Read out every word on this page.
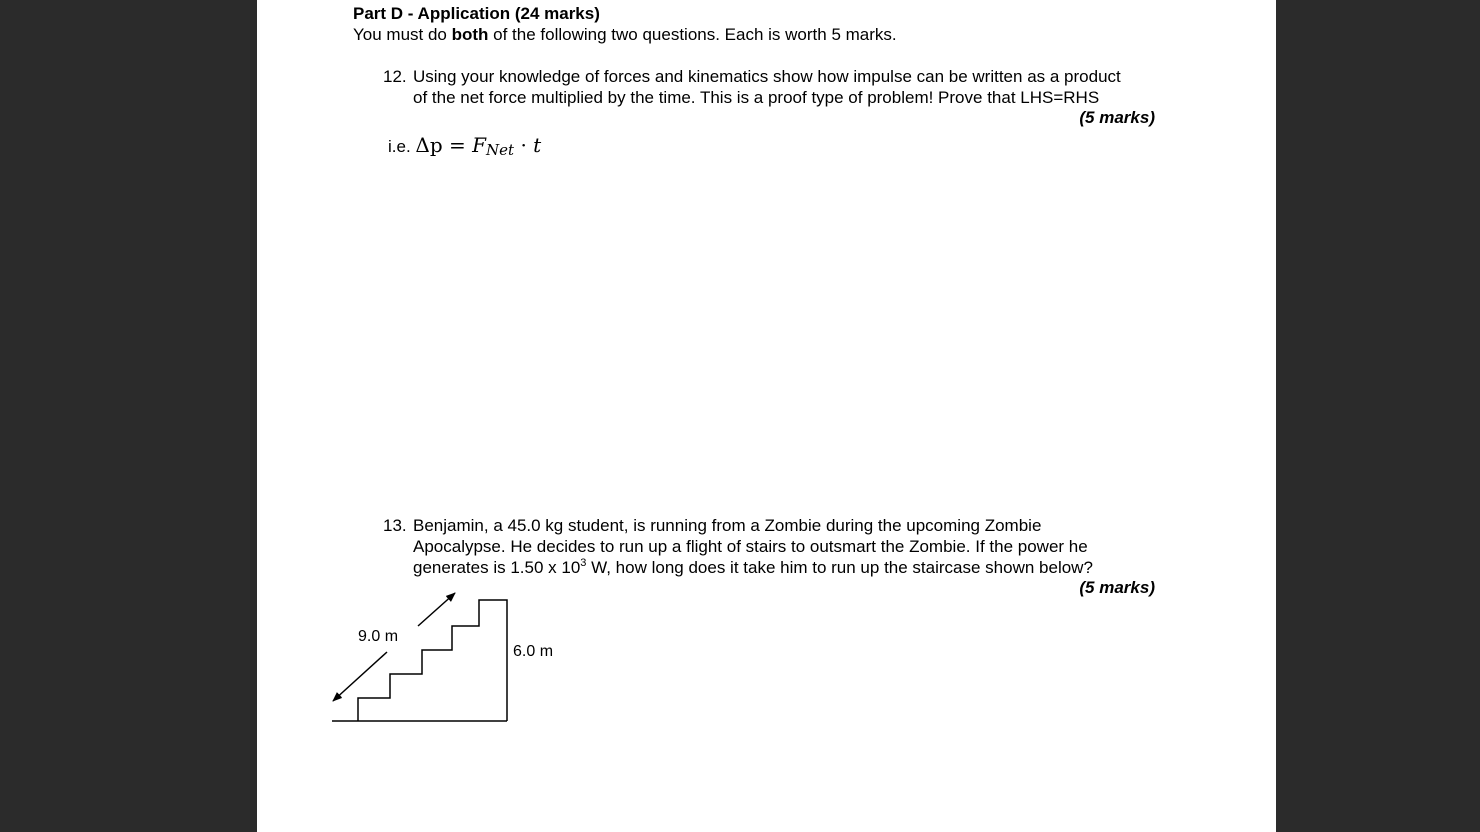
Part D - Application (24 marks)
You must do both of the following two questions. Each is worth 5 marks.
12. Using your knowledge of forces and kinematics show how impulse can be written as a product
of the net force multiplied by the time. This is a proof type of problem! Prove that LHS=RHS
(5 marks)
i.e. $\Delta p = F_{Net} \cdot t$
13. Benjamin, a 45.0 kg student, is running from a Zombie during the upcoming Zombie
Apocalypse. He decides to run up a flight of stairs to outsmart the Zombie. If the power he
generates is 1.50 x $10^3$ W, how long does it take him to run up the staircase shown below?
(5 marks)
9.0 m
6.0 m
